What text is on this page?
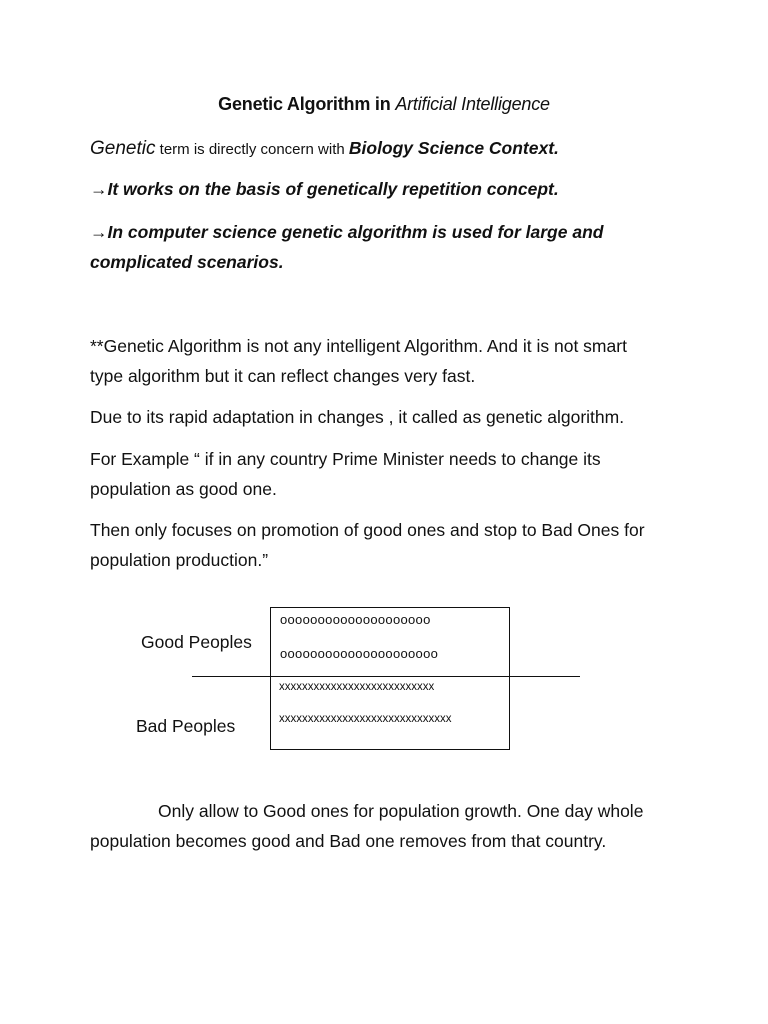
Genetic Algorithm in Artificial Intelligence
Genetic term is directly concern with Biology Science Context.
→It works on the basis of genetically repetition concept.
→In computer science genetic algorithm is used for large and
complicated scenarios.
**Genetic Algorithm is not any intelligent Algorithm. And it is not smart
type algorithm but it can reflect changes very fast.
Due to its rapid adaptation in changes , it called as genetic algorithm.
For Example “ if in any country Prime Minister needs to change its
population as good one.
Then only focuses on promotion of good ones and stop to Bad Ones for
population production.”
Good Peoples
Bad Peoples
oooooooooooooooooooo
ooooooooooooooooooooo
xxxxxxxxxxxxxxxxxxxxxxxxxxx
xxxxxxxxxxxxxxxxxxxxxxxxxxxxxx
Only allow to Good ones for population growth. One day whole
population becomes good and Bad one removes from that country.
